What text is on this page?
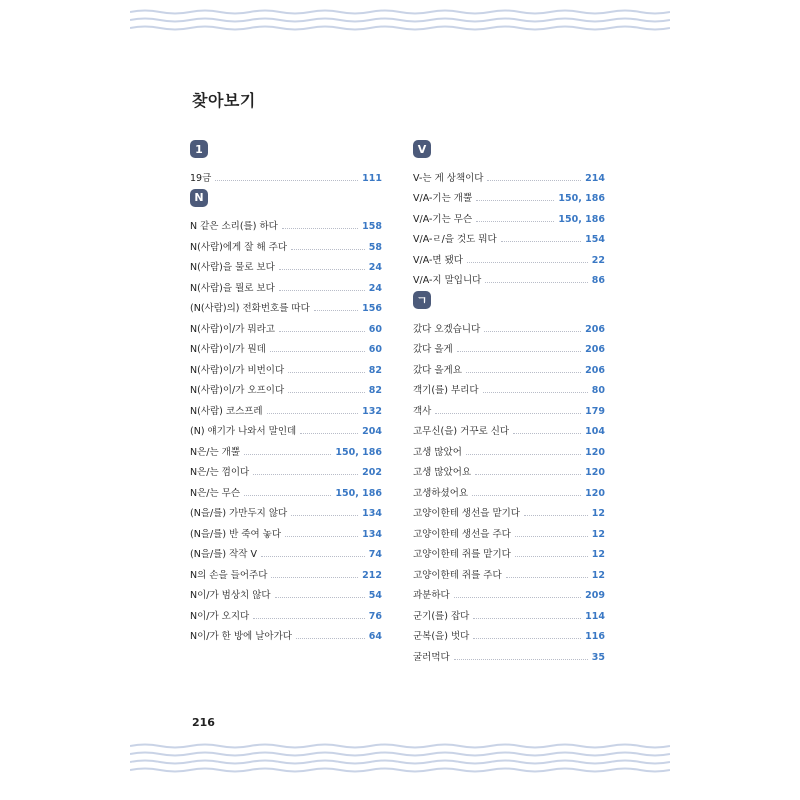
찾아보기
1
19금	111
N
N 같은 소리(를) 하다	158
N(사람)에게 잘 해 주다	58
N(사람)을 물로 보다	24
N(사람)을 뭘로 보다	24
(N(사람)의) 전화번호를 따다	156
N(사람)이/가 뭐라고	60
N(사람)이/가 뭔데	60
N(사람)이/가 비번이다	82
N(사람)이/가 오프이다	82
N(사람) 코스프레	132
(N) 얘기가 나와서 말인데	204
N은/는 개뿔	150, 186
N은/는 껌이다	202
N은/는 무슨	150, 186
(N을/를) 가만두지 않다	134
(N을/를) 반 죽여 놓다	134
(N을/를) 작작 V	74
N의 손을 들어주다	212
N이/가 범상치 않다	54
N이/가 오지다	76
N이/가 한 방에 날아가다	64
V
V-는 게 상책이다	214
V/A-기는 개뿔	150, 186
V/A-기는 무슨	150, 186
V/A-ㄹ/을 것도 뭐다	154
V/A-면 됐다	22
V/A-지 말입니다	86
ㄱ
갔다 오겠습니다	206
갔다 올게	206
갔다 올게요	206
객기(를) 부리다	80
객사	179
고무신(을) 거꾸로 신다	104
고생 많았어	120
고생 많았어요	120
고생하셨어요	120
고양이한테 생선을 맡기다	12
고양이한테 생선을 주다	12
고양이한테 쥐를 맡기다	12
고양이한테 쥐를 주다	12
과분하다	209
군기(를) 잡다	114
군복(을) 벗다	116
굴러먹다	35
216
